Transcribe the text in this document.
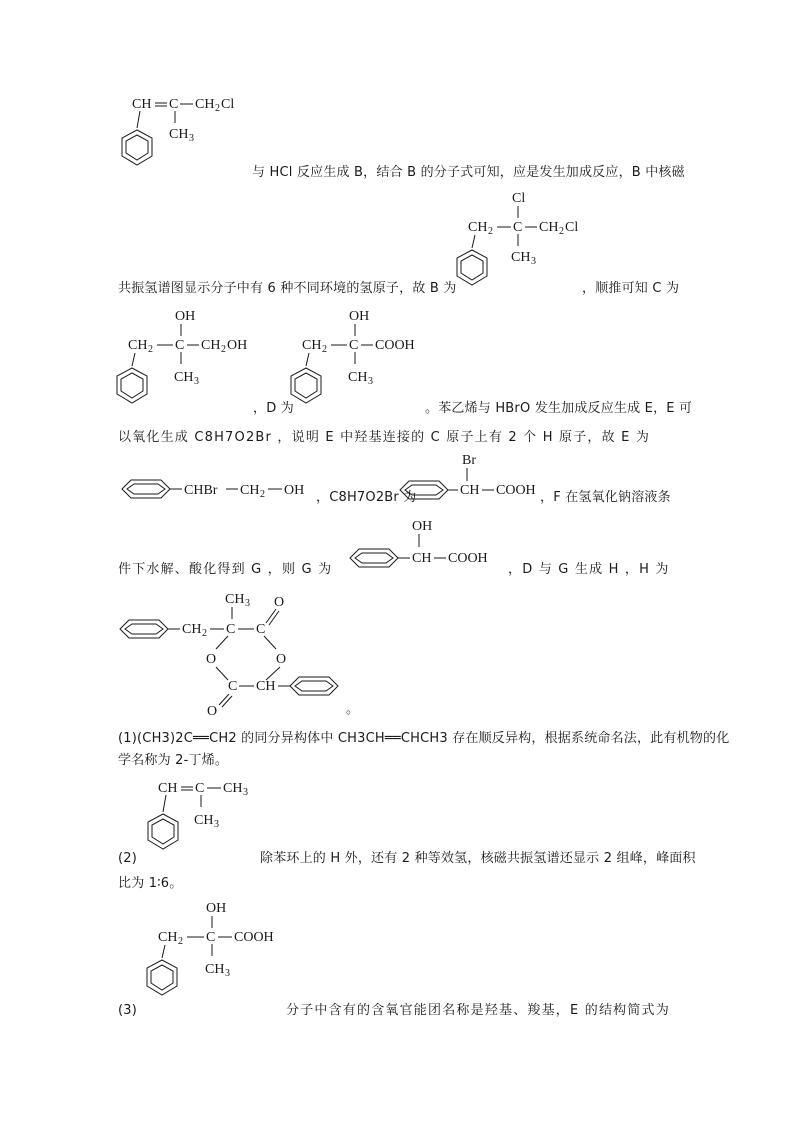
CH C CH 2 Cl
CH 3
与 HCl 反应生成 B，结合 B 的分子式可知，应是发生加成反应，B 中核磁
Cl
CH 2 C CH 2 Cl
CH 3
共振氢谱图显示分子中有 6 种不同环境的氢原子，故 B 为	，顺推可知 C 为
OH
CH 2 C CH 2 OH
CH 3
OH
CH 2 C COOH
CH 3
，D 为	。苯乙烯与 HBrO 发生加成反应生成 E，E 可
以氧化生成 C8H7O2Br ，说明 E 中羟基连接的 C 原子上有 2 个 H 原子，故 E 为
CHBr CH 2 OH ，C8H7O2Br 为
Br
CH COOH ，F 在氢氧化钠溶液条
OH
CH COOH
件下水解、酸化得到 G ，则 G 为	，D 与 G 生成 H ，H 为
CH 2 C
CH 3
C
O
O	O
C
O
CH
。
(1)(CH3)2C══CH2 的同分异构体中 CH3CH══CHCH3 存在顺反异构，根据系统命名法，此有机物的化
学名称为 2-丁烯。
CH C CH 3
CH 3
(2)	除苯环上的 H 外，还有 2 种等效氢，核磁共振氢谱还显示 2 组峰，峰面积
比为 1∶6。
OH
CH 2 C COOH
CH 3
(3)	分子中含有的含氧官能团名称是羟基、羧基，E 的结构简式为
